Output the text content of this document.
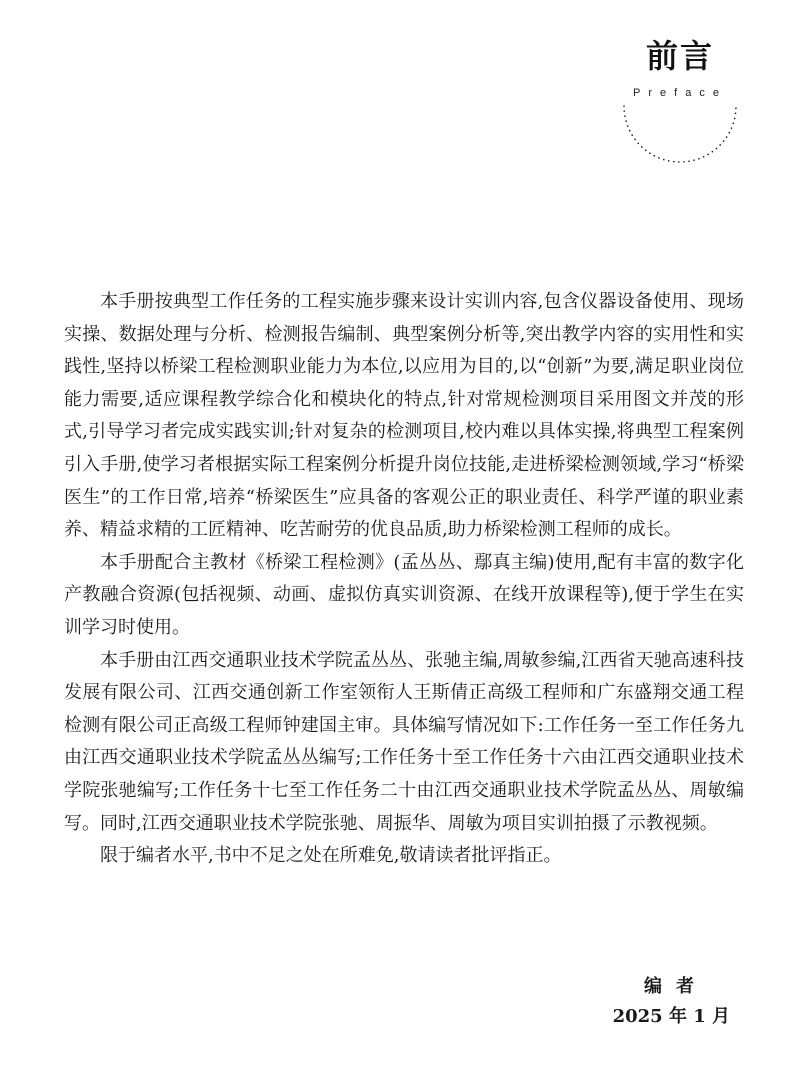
前言
Preface

本手册按典型工作任务的工程实施步骤来设计实训内容,包含仪器设备使用、现场实操、数据处理与分析、检测报告编制、典型案例分析等,突出教学内容的实用性和实践性,坚持以桥梁工程检测职业能力为本位,以应用为目的,以“创新”为要,满足职业岗位能力需要,适应课程教学综合化和模块化的特点,针对常规检测项目采用图文并茂的形式,引导学习者完成实践实训;针对复杂的检测项目,校内难以具体实操,将典型工程案例引入手册,使学习者根据实际工程案例分析提升岗位技能,走进桥梁检测领域,学习“桥梁医生”的工作日常,培养“桥梁医生”应具备的客观公正的职业责任、科学严谨的职业素养、精益求精的工匠精神、吃苦耐劳的优良品质,助力桥梁检测工程师的成长。

本手册配合主教材《桥梁工程检测》(孟丛丛、鄢真主编)使用,配有丰富的数字化产教融合资源(包括视频、动画、虚拟仿真实训资源、在线开放课程等),便于学生在实训学习时使用。

本手册由江西交通职业技术学院孟丛丛、张驰主编,周敏参编,江西省天驰高速科技发展有限公司、江西交通创新工作室领衔人王斯倩正高级工程师和广东盛翔交通工程检测有限公司正高级工程师钟建国主审。具体编写情况如下:工作任务一至工作任务九由江西交通职业技术学院孟丛丛编写;工作任务十至工作任务十六由江西交通职业技术学院张驰编写;工作任务十七至工作任务二十由江西交通职业技术学院孟丛丛、周敏编写。同时,江西交通职业技术学院张驰、周振华、周敏为项目实训拍摄了示教视频。

限于编者水平,书中不足之处在所难免,敬请读者批评指正。

编者
2025 年 1 月
